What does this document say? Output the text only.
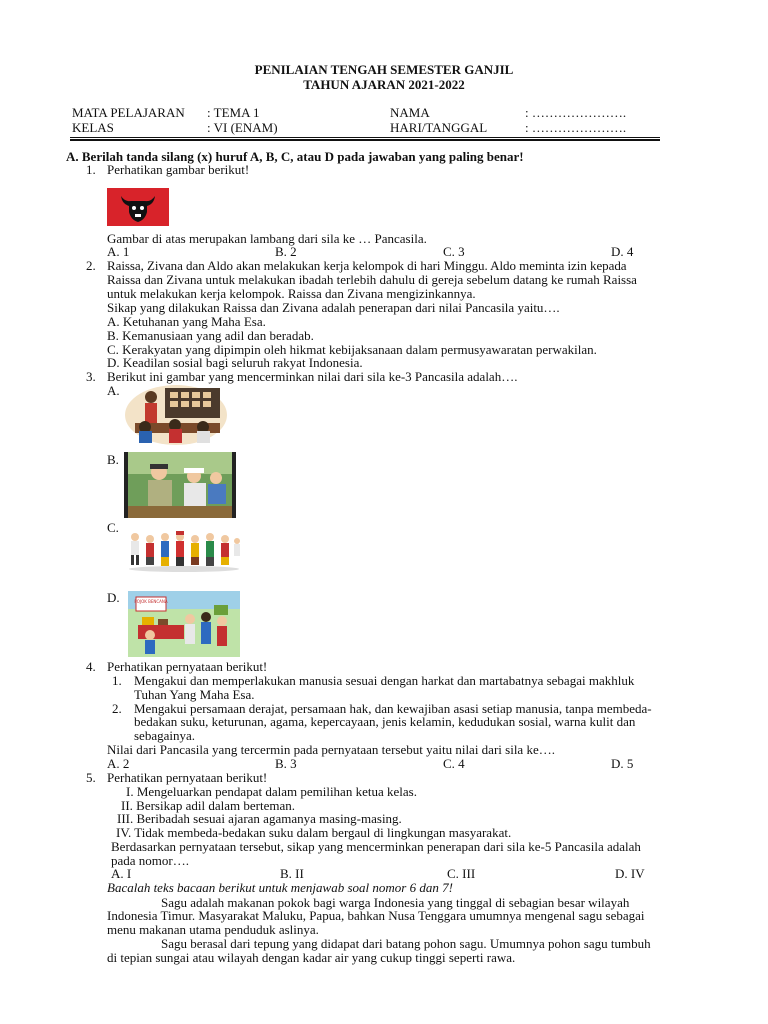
PENILAIAN TENGAH SEMESTER GANJIL
TAHUN AJARAN 2021-2022
MATA PELAJARAN : TEMA 1	NAMA	: ………………….
KELAS	: VI (ENAM)	HARI/TANGGAL	: ………………….
A. Berilah tanda silang (x) huruf A, B, C, atau D pada jawaban yang paling benar!
1. Perhatikan gambar berikut!
Gambar di atas merupakan lambang dari sila ke … Pancasila.
A. 1	B. 2	C. 3	D. 4
2. Raissa, Zivana dan Aldo akan melakukan kerja kelompok di hari Minggu. Aldo meminta izin kepada
Raissa dan Zivana untuk melakukan ibadah terlebih dahulu di gereja sebelum datang ke rumah Raissa
untuk melakukan kerja kelompok. Raissa dan Zivana mengizinkannya.
Sikap yang dilakukan Raissa dan Zivana adalah penerapan dari nilai Pancasila yaitu….
A. Ketuhanan yang Maha Esa.
B. Kemanusiaan yang adil dan beradab.
C. Kerakyatan yang dipimpin oleh hikmat kebijaksanaan dalam permusyawaratan perwakilan.
D. Keadilan sosial bagi seluruh rakyat Indonesia.
3. Berikut ini gambar yang mencerminkan nilai dari sila ke-3 Pancasila adalah….
A.
B.
C.
D.	POJOK BENCANA
4. Perhatikan pernyataan berikut!
1. Mengakui dan memperlakukan manusia sesuai dengan harkat dan martabatnya sebagai makhluk
Tuhan Yang Maha Esa.
2. Mengakui persamaan derajat, persamaan hak, dan kewajiban asasi setiap manusia, tanpa membeda-
bedakan suku, keturunan, agama, kepercayaan, jenis kelamin, kedudukan sosial, warna kulit dan
sebagainya.
Nilai dari Pancasila yang tercermin pada pernyataan tersebut yaitu nilai dari sila ke….
A. 2	B. 3	C. 4	D. 5
5. Perhatikan pernyataan berikut!
I. Mengeluarkan pendapat dalam pemilihan ketua kelas.
II. Bersikap adil dalam berteman.
III. Beribadah sesuai ajaran agamanya masing-masing.
IV. Tidak membeda-bedakan suku dalam bergaul di lingkungan masyarakat.
Berdasarkan pernyataan tersebut, sikap yang mencerminkan penerapan dari sila ke-5 Pancasila adalah
pada nomor….
A. I	B. II	C. III	D. IV
Bacalah teks bacaan berikut untuk menjawab soal nomor 6 dan 7!
Sagu adalah makanan pokok bagi warga Indonesia yang tinggal di sebagian besar wilayah
Indonesia Timur. Masyarakat Maluku, Papua, bahkan Nusa Tenggara umumnya mengenal sagu sebagai
menu makanan utama penduduk aslinya.
Sagu berasal dari tepung yang didapat dari batang pohon sagu. Umumnya pohon sagu tumbuh
di tepian sungai atau wilayah dengan kadar air yang cukup tinggi seperti rawa.
